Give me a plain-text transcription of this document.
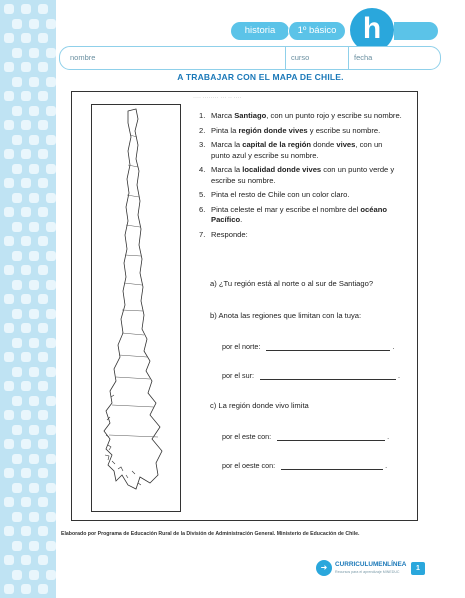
historia	1º básico h
nombre	curso	fecha
A TRABAJAR CON EL MAPA DE CHILE.
···· ········ ··· ·· ····
1. Marca Santiago, con un punto rojo y escribe su nombre.
2. Pinta la región donde vives y escribe su nombre.
3. Marca la capital de la región donde vives, con un punto azul y escribe su nombre.
4. Marca la localidad donde vives con un punto verde y escribe su nombre.
5. Pinta el resto de Chile con un color claro.
6. Pinta celeste el mar y escribe el nombre del océano Pacífico.
7. Responde:
a) ¿Tu región está al norte o al sur de Santiago?
b) Anota las regiones que limitan con la tuya:
por el norte:	.
por el sur:	.
c) La región donde vivo limita
por el este con:	.
por el oeste con:	.
Elaborado por Programa de Educación Rural de la División de Administración General. Ministerio de Educación de Chile.
➜	CURRICULUMENLÍNEA
Recursos para el aprendizaje MINEDUC	1
